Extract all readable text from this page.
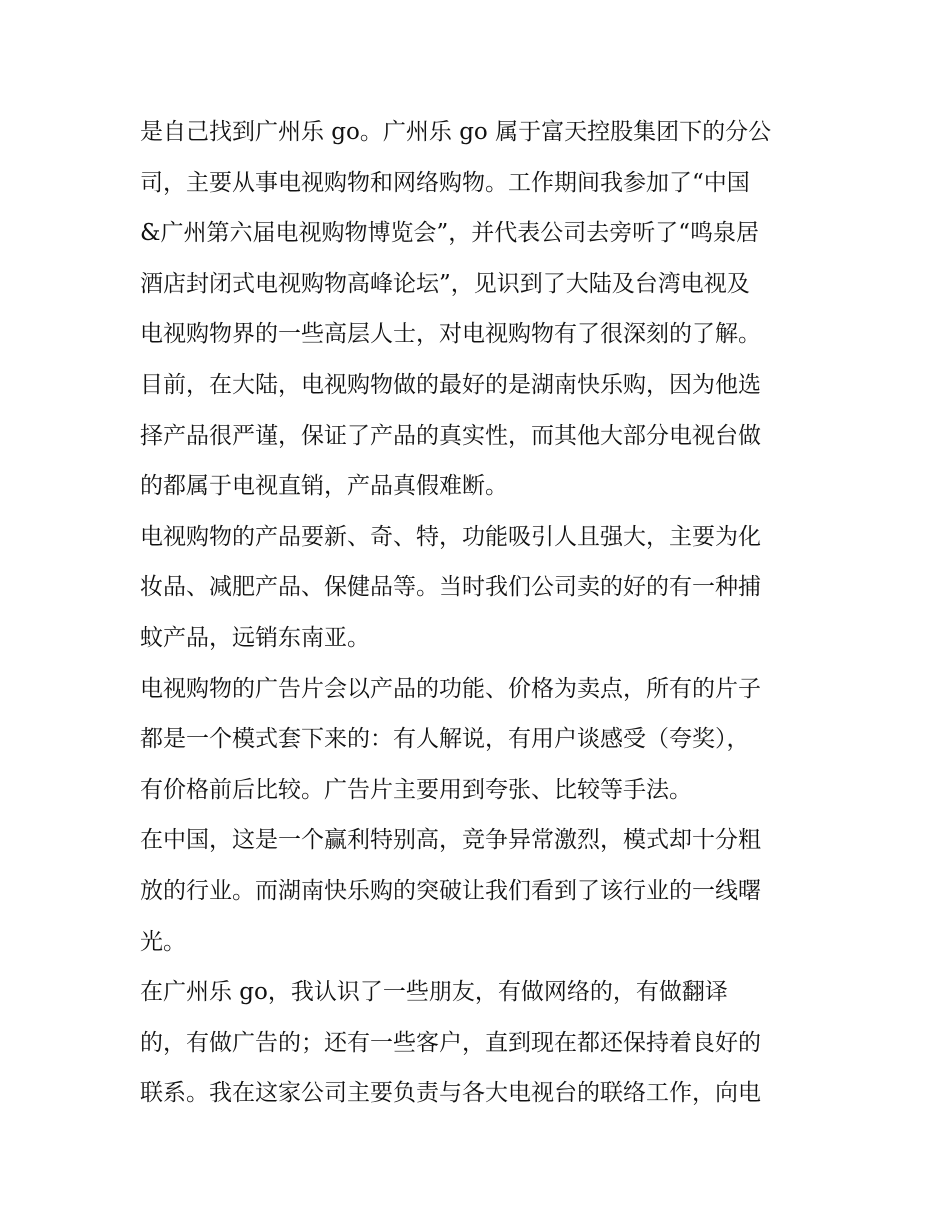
是自己找到广州乐 go。广州乐 go 属于富天控股集团下的分公
司，主要从事电视购物和网络购物。工作期间我参加了“中国
&广州第六届电视购物博览会”，并代表公司去旁听了“鸣泉居
酒店封闭式电视购物高峰论坛”，见识到了大陆及台湾电视及
电视购物界的一些高层人士，对电视购物有了很深刻的了解。
目前，在大陆，电视购物做的最好的是湖南快乐购，因为他选
择产品很严谨，保证了产品的真实性，而其他大部分电视台做
的都属于电视直销，产品真假难断。
电视购物的产品要新、奇、特，功能吸引人且强大，主要为化
妆品、减肥产品、保健品等。当时我们公司卖的好的有一种捕
蚊产品，远销东南亚。
电视购物的广告片会以产品的功能、价格为卖点，所有的片子
都是一个模式套下来的：有人解说，有用户谈感受（夸奖），
有价格前后比较。广告片主要用到夸张、比较等手法。
在中国，这是一个赢利特别高，竞争异常激烈，模式却十分粗
放的行业。而湖南快乐购的突破让我们看到了该行业的一线曙
光。
在广州乐 go，我认识了一些朋友，有做网络的，有做翻译
的，有做广告的；还有一些客户，直到现在都还保持着良好的
联系。我在这家公司主要负责与各大电视台的联络工作，向电
